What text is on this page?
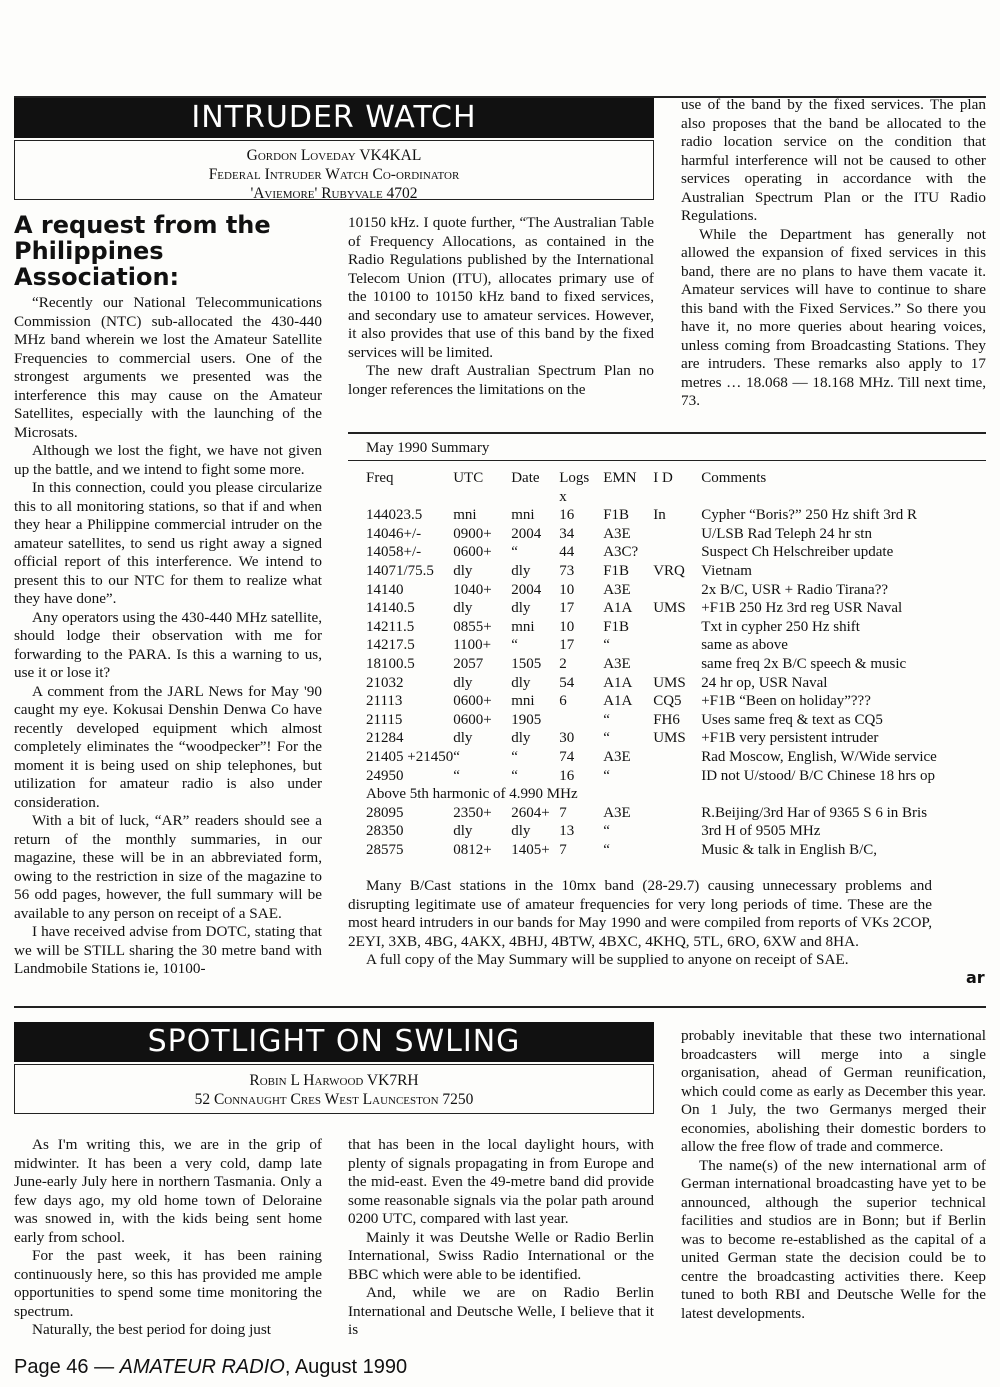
INTRUDER WATCH
Gordon Loveday VK4KAL
Federal Intruder Watch Co-ordinator
'Aviemore' Rubyvale 4702
A request from the Philippines Association:

“Recently our National Telecommunications Commission (NTC) sub-allocated the 430-440 MHz band wherein we lost the Amateur Satellite Frequencies to commercial users. One of the strongest arguments we presented was the interference this may cause on the Amateur Satellites, especially with the launching of the Microsats.

Although we lost the fight, we have not given up the battle, and we intend to fight some more.

In this connection, could you please circularize this to all monitoring stations, so that if and when they hear a Philippine commercial intruder on the amateur satellites, to send us right away a signed official report of this interference. We intend to present this to our NTC for them to realize what they have done”.

Any operators using the 430-440 MHz satellite, should lodge their observation with me for forwarding to the PARA. Is this a warning to us, use it or lose it?

A comment from the JARL News for May '90 caught my eye. Kokusai Denshin Denwa Co have recently developed equipment which almost completely eliminates the “woodpecker”! For the moment it is being used on ship telephones, but utilization for amateur radio is also under consideration.

With a bit of luck, “AR” readers should see a return of the monthly summaries, in our magazine, these will be in an abbreviated form, owing to the restriction in size of the magazine to 56 odd pages, however, the full summary will be available to any person on receipt of a SAE.

I have received advise from DOTC, stating that we will be STILL sharing the 30 metre band with Landmobile Stations ie, 10100-

10150 kHz. I quote further, “The Australian Table of Frequency Allocations, as contained in the Radio Regulations published by the International Telecom Union (ITU), allocates primary use of the 10100 to 10150 kHz band to fixed services, and secondary use to amateur services. However, it also provides that use of this band by the fixed services will be limited.

The new draft Australian Spectrum Plan no longer references the limitations on the

use of the band by the fixed services. The plan also proposes that the band be allocated to the radio location service on the condition that harmful interference will not be caused to other services operating in accordance with the Australian Spectrum Plan or the ITU Radio Regulations.

While the Department has generally not allowed the expansion of fixed services in this band, there are no plans to have them vacate it. Amateur services will have to continue to share this band with the Fixed Services.” So there you have it, no more queries about hearing voices, unless coming from Broadcasting Stations. They are intruders. These remarks also apply to 17 metres … 18.068 — 18.168 MHz. Till next time, 73.

May 1990 Summary
Freq	UTC	Date	Logs	EMN	I D	Comments
			x			
144023.5	mni	mni	16	F1B	In	Cypher “Boris?” 250 Hz shift 3rd R
14046+/-	0900+	2004	34	A3E		U/LSB Rad Teleph 24 hr stn
14058+/-	0600+	“	44	A3C?		Suspect Ch Helschreiber update
14071/75.5	dly	dly	73	F1B	VRQ	Vietnam
14140	1040+	2004	10	A3E		2x B/C, USR + Radio Tirana??
14140.5	dly	dly	17	A1A	UMS	+F1B 250 Hz 3rd reg USR Naval
14211.5	0855+	mni	10	F1B		Txt in cypher 250 Hz shift
14217.5	1100+	“	17	“		same as above
18100.5	2057	1505	2	A3E		same freq 2x B/C speech & music
21032	dly	dly	54	A1A	UMS	24 hr op, USR Naval
21113	0600+	mni	6	A1A	CQ5	+F1B “Been on holiday”???
21115	0600+	1905		“	FH6	Uses same freq & text as CQ5
21284	dly	dly	30	“	UMS	+F1B very persistent intruder
21405 +21450	“	“	74	A3E		Rad Moscow, English, W/Wide service
24950	“	“	16	“		ID not U/stood/ B/C Chinese 18 hrs op
Above 5th harmonic of 4.990 MHz						
28095	2350+	2604+	7	A3E		R.Beijing/3rd Har of 9365 S 6 in Bris
28350	dly	dly	13	“		3rd H of 9505 MHz
28575	0812+	1405+	7	“		Music & talk in English B/C,

Many B/Cast stations in the 10mx band (28-29.7) causing unnecessary problems and disrupting legitimate use of amateur frequencies for very long periods of time. These are the most heard intruders in our bands for May 1990 and were compiled from reports of VKs 2COP, 2EYI, 3XB, 4BG, 4AKX, 4BHJ, 4BTW, 4BXC, 4KHQ, 5TL, 6RO, 6XW and 8HA.

A full copy of the May Summary will be supplied to anyone on receipt of SAE.

ar
SPOTLIGHT ON SWLING
Robin L Harwood VK7RH
52 Connaught Cres West Launceston 7250

As I'm writing this, we are in the grip of midwinter. It has been a very cold, damp late June-early July here in northern Tasmania. Only a few days ago, my old home town of Deloraine was snowed in, with the kids being sent home early from school.

For the past week, it has been raining continuously here, so this has provided me ample opportunities to spend some time monitoring the spectrum.

Naturally, the best period for doing just

that has been in the local daylight hours, with plenty of signals propagating in from Europe and the mid-east. Even the 49-metre band did provide some reasonable signals via the polar path around 0200 UTC, compared with last year.

Mainly it was Deutshe Welle or Radio Berlin International, Swiss Radio International or the BBC which were able to be identified.

And, while we are on Radio Berlin International and Deutsche Welle, I believe that it is

probably inevitable that these two international broadcasters will merge into a single organisation, ahead of German reunification, which could come as early as December this year. On 1 July, the two Germanys merged their economies, abolishing their domestic borders to allow the free flow of trade and commerce.

The name(s) of the new international arm of German international broadcasting have yet to be announced, although the superior technical facilities and studios are in Bonn; but if Berlin was to become re-established as the capital of a united German state the decision could be to centre the broadcasting activities there. Keep tuned to both RBI and Deutsche Welle for the latest developments.

Page 46 — AMATEUR RADIO, August 1990
